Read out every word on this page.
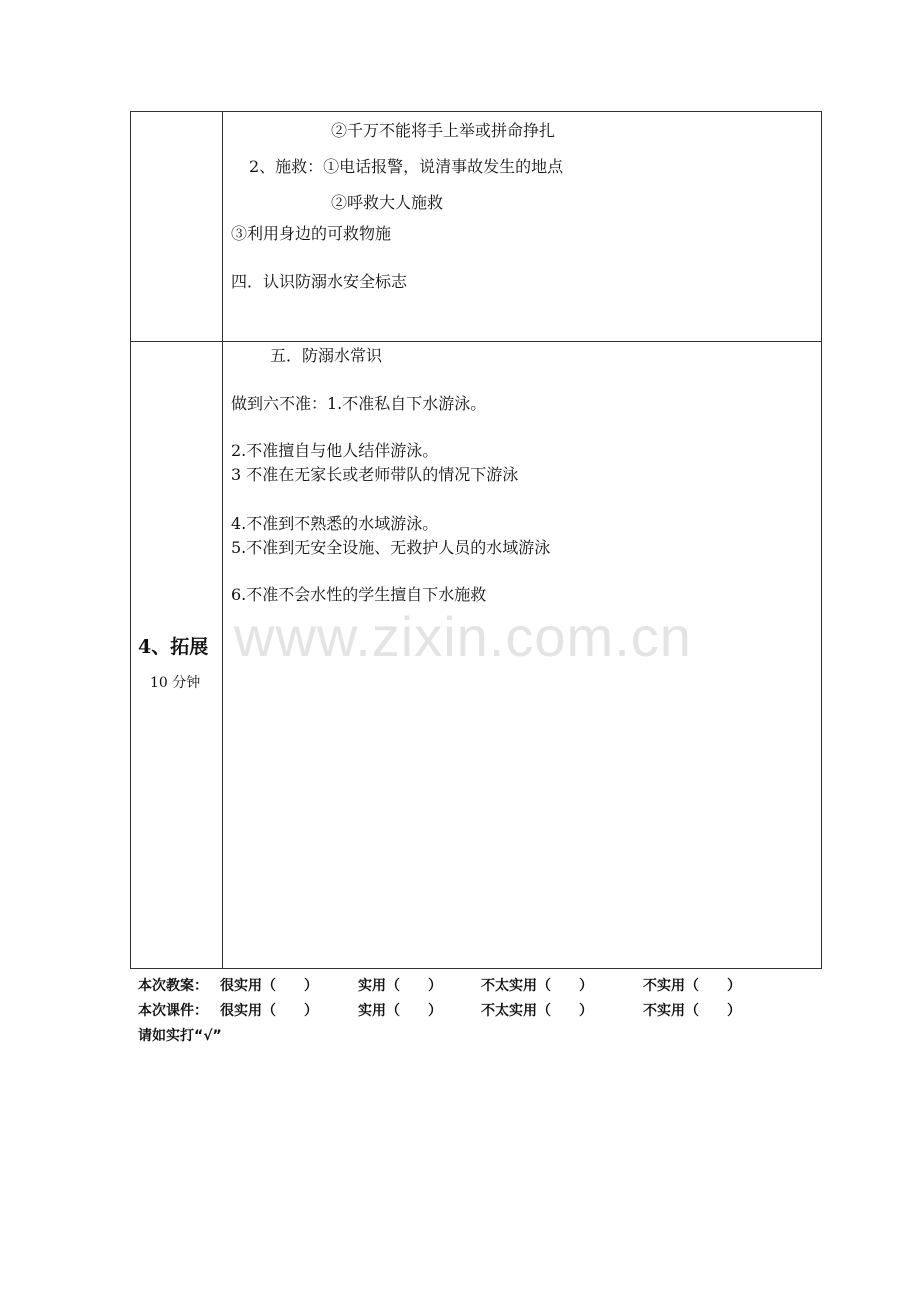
②千万不能将手上举或拼命挣扎
2、施救：①电话报警，说清事故发生的地点
②呼救大人施救
③利用身边的可救物施
四．认识防溺水安全标志
4、拓展
10 分钟
www.zixin.com.cn
五．防溺水常识
做到六不准：1.不准私自下水游泳。
2.不准擅自与他人结伴游泳。
3 不准在无家长或老师带队的情况下游泳
4.不准到不熟悉的水域游泳。
5.不准到无安全设施、无救护人员的水域游泳
6.不准不会水性的学生擅自下水施救
本次教案： 很实用（　　）	实用（　　）	不太实用（　　）	不实用（　　）
本次课件： 很实用（　　）	实用（　　）	不太实用（　　）	不实用（　　）
请如实打“√”
